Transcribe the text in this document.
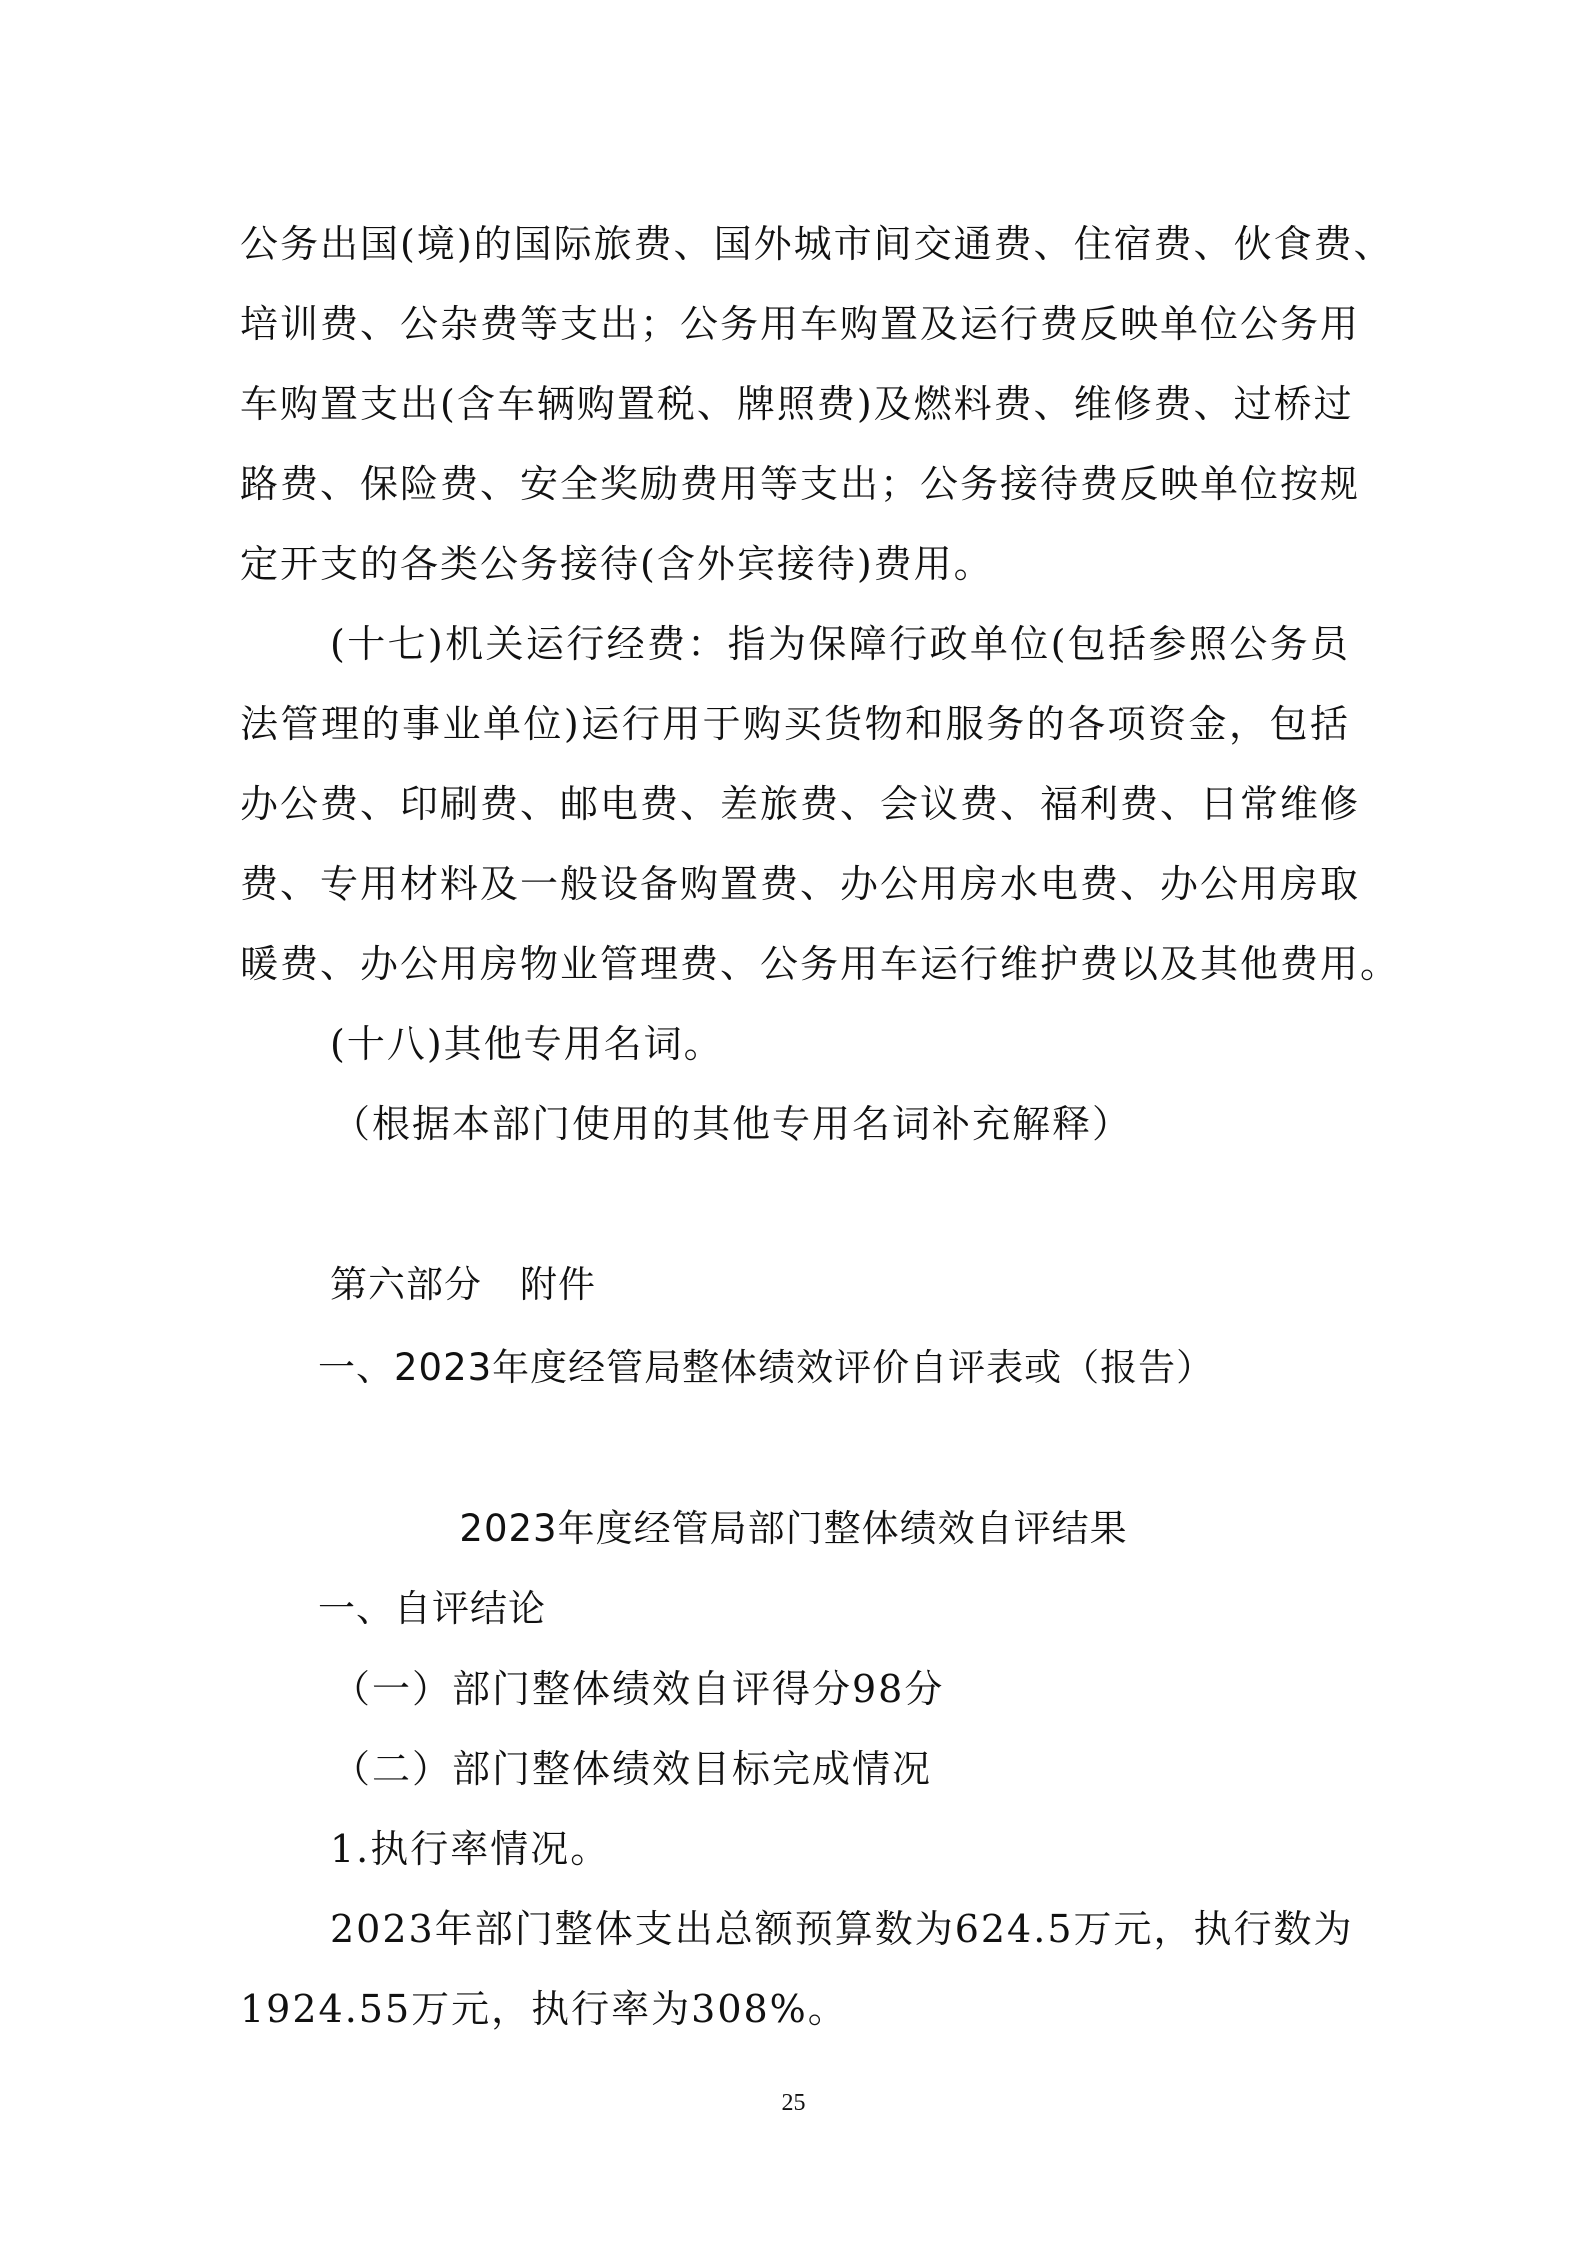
公务出国(境)的国际旅费、国外城市间交通费、住宿费、伙食费、
培训费、公杂费等支出；公务用车购置及运行费反映单位公务用
车购置支出(含车辆购置税、牌照费)及燃料费、维修费、过桥过
路费、保险费、安全奖励费用等支出；公务接待费反映单位按规
定开支的各类公务接待(含外宾接待)费用。
(十七)机关运行经费：指为保障行政单位(包括参照公务员
法管理的事业单位)运行用于购买货物和服务的各项资金，包括
办公费、印刷费、邮电费、差旅费、会议费、福利费、日常维修
费、专用材料及一般设备购置费、办公用房水电费、办公用房取
暖费、办公用房物业管理费、公务用车运行维护费以及其他费用。
(十八)其他专用名词。
（根据本部门使用的其他专用名词补充解释）
第六部分　附件
一、2023年度经管局整体绩效评价自评表或（报告）
2023年度经管局部门整体绩效自评结果
一、自评结论
（一）部门整体绩效自评得分98分
（二）部门整体绩效目标完成情况
1.执行率情况。
2023年部门整体支出总额预算数为624.5万元，执行数为
1924.55万元，执行率为308%。
25
